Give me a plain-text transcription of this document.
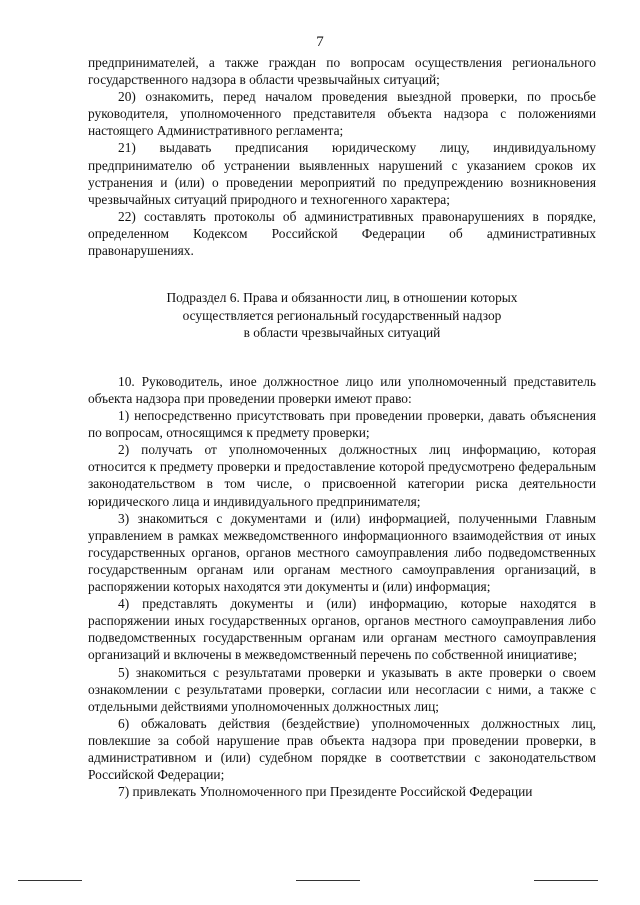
7

предпринимателей, а также граждан по вопросам осуществления регионального государственного надзора в области чрезвычайных ситуаций;

20) ознакомить, перед началом проведения выездной проверки, по просьбе руководителя, уполномоченного представителя объекта надзора с положениями настоящего Административного регламента;

21) выдавать предписания юридическому лицу, индивидуальному предпринимателю об устранении выявленных нарушений с указанием сроков их устранения и (или) о проведении мероприятий по предупреждению возникновения чрезвычайных ситуаций природного и техногенного характера;

22) составлять протоколы об административных правонарушениях в порядке, определенном Кодексом Российской Федерации об административных правонарушениях.

Подраздел 6. Права и обязанности лиц, в отношении которых
осуществляется региональный государственный надзор
в области чрезвычайных ситуаций

10. Руководитель, иное должностное лицо или уполномоченный представитель объекта надзора при проведении проверки имеют право:

1) непосредственно присутствовать при проведении проверки, давать объяснения по вопросам, относящимся к предмету проверки;

2) получать от уполномоченных должностных лиц информацию, которая относится к предмету проверки и предоставление которой предусмотрено федеральным законодательством в том числе, о присвоенной категории риска деятельности юридического лица и индивидуального предпринимателя;

3) знакомиться с документами и (или) информацией, полученными Главным управлением в рамках межведомственного информационного взаимодействия от иных государственных органов, органов местного самоуправления либо подведомственных государственным органам или органам местного самоуправления организаций, в распоряжении которых находятся эти документы и (или) информация;

4) представлять документы и (или) информацию, которые находятся в распоряжении иных государственных органов, органов местного самоуправления либо подведомственных государственным органам или органам местного самоуправления организаций и включены в межведомственный перечень по собственной инициативе;

5) знакомиться с результатами проверки и указывать в акте проверки о своем ознакомлении с результатами проверки, согласии или несогласии с ними, а также с отдельными действиями уполномоченных должностных лиц;

6) обжаловать действия (бездействие) уполномоченных должностных лиц, повлекшие за собой нарушение прав объекта надзора при проведении проверки, в административном и (или) судебном порядке в соответствии с законодательством Российской Федерации;

7) привлекать Уполномоченного при Президенте Российской Федерации
